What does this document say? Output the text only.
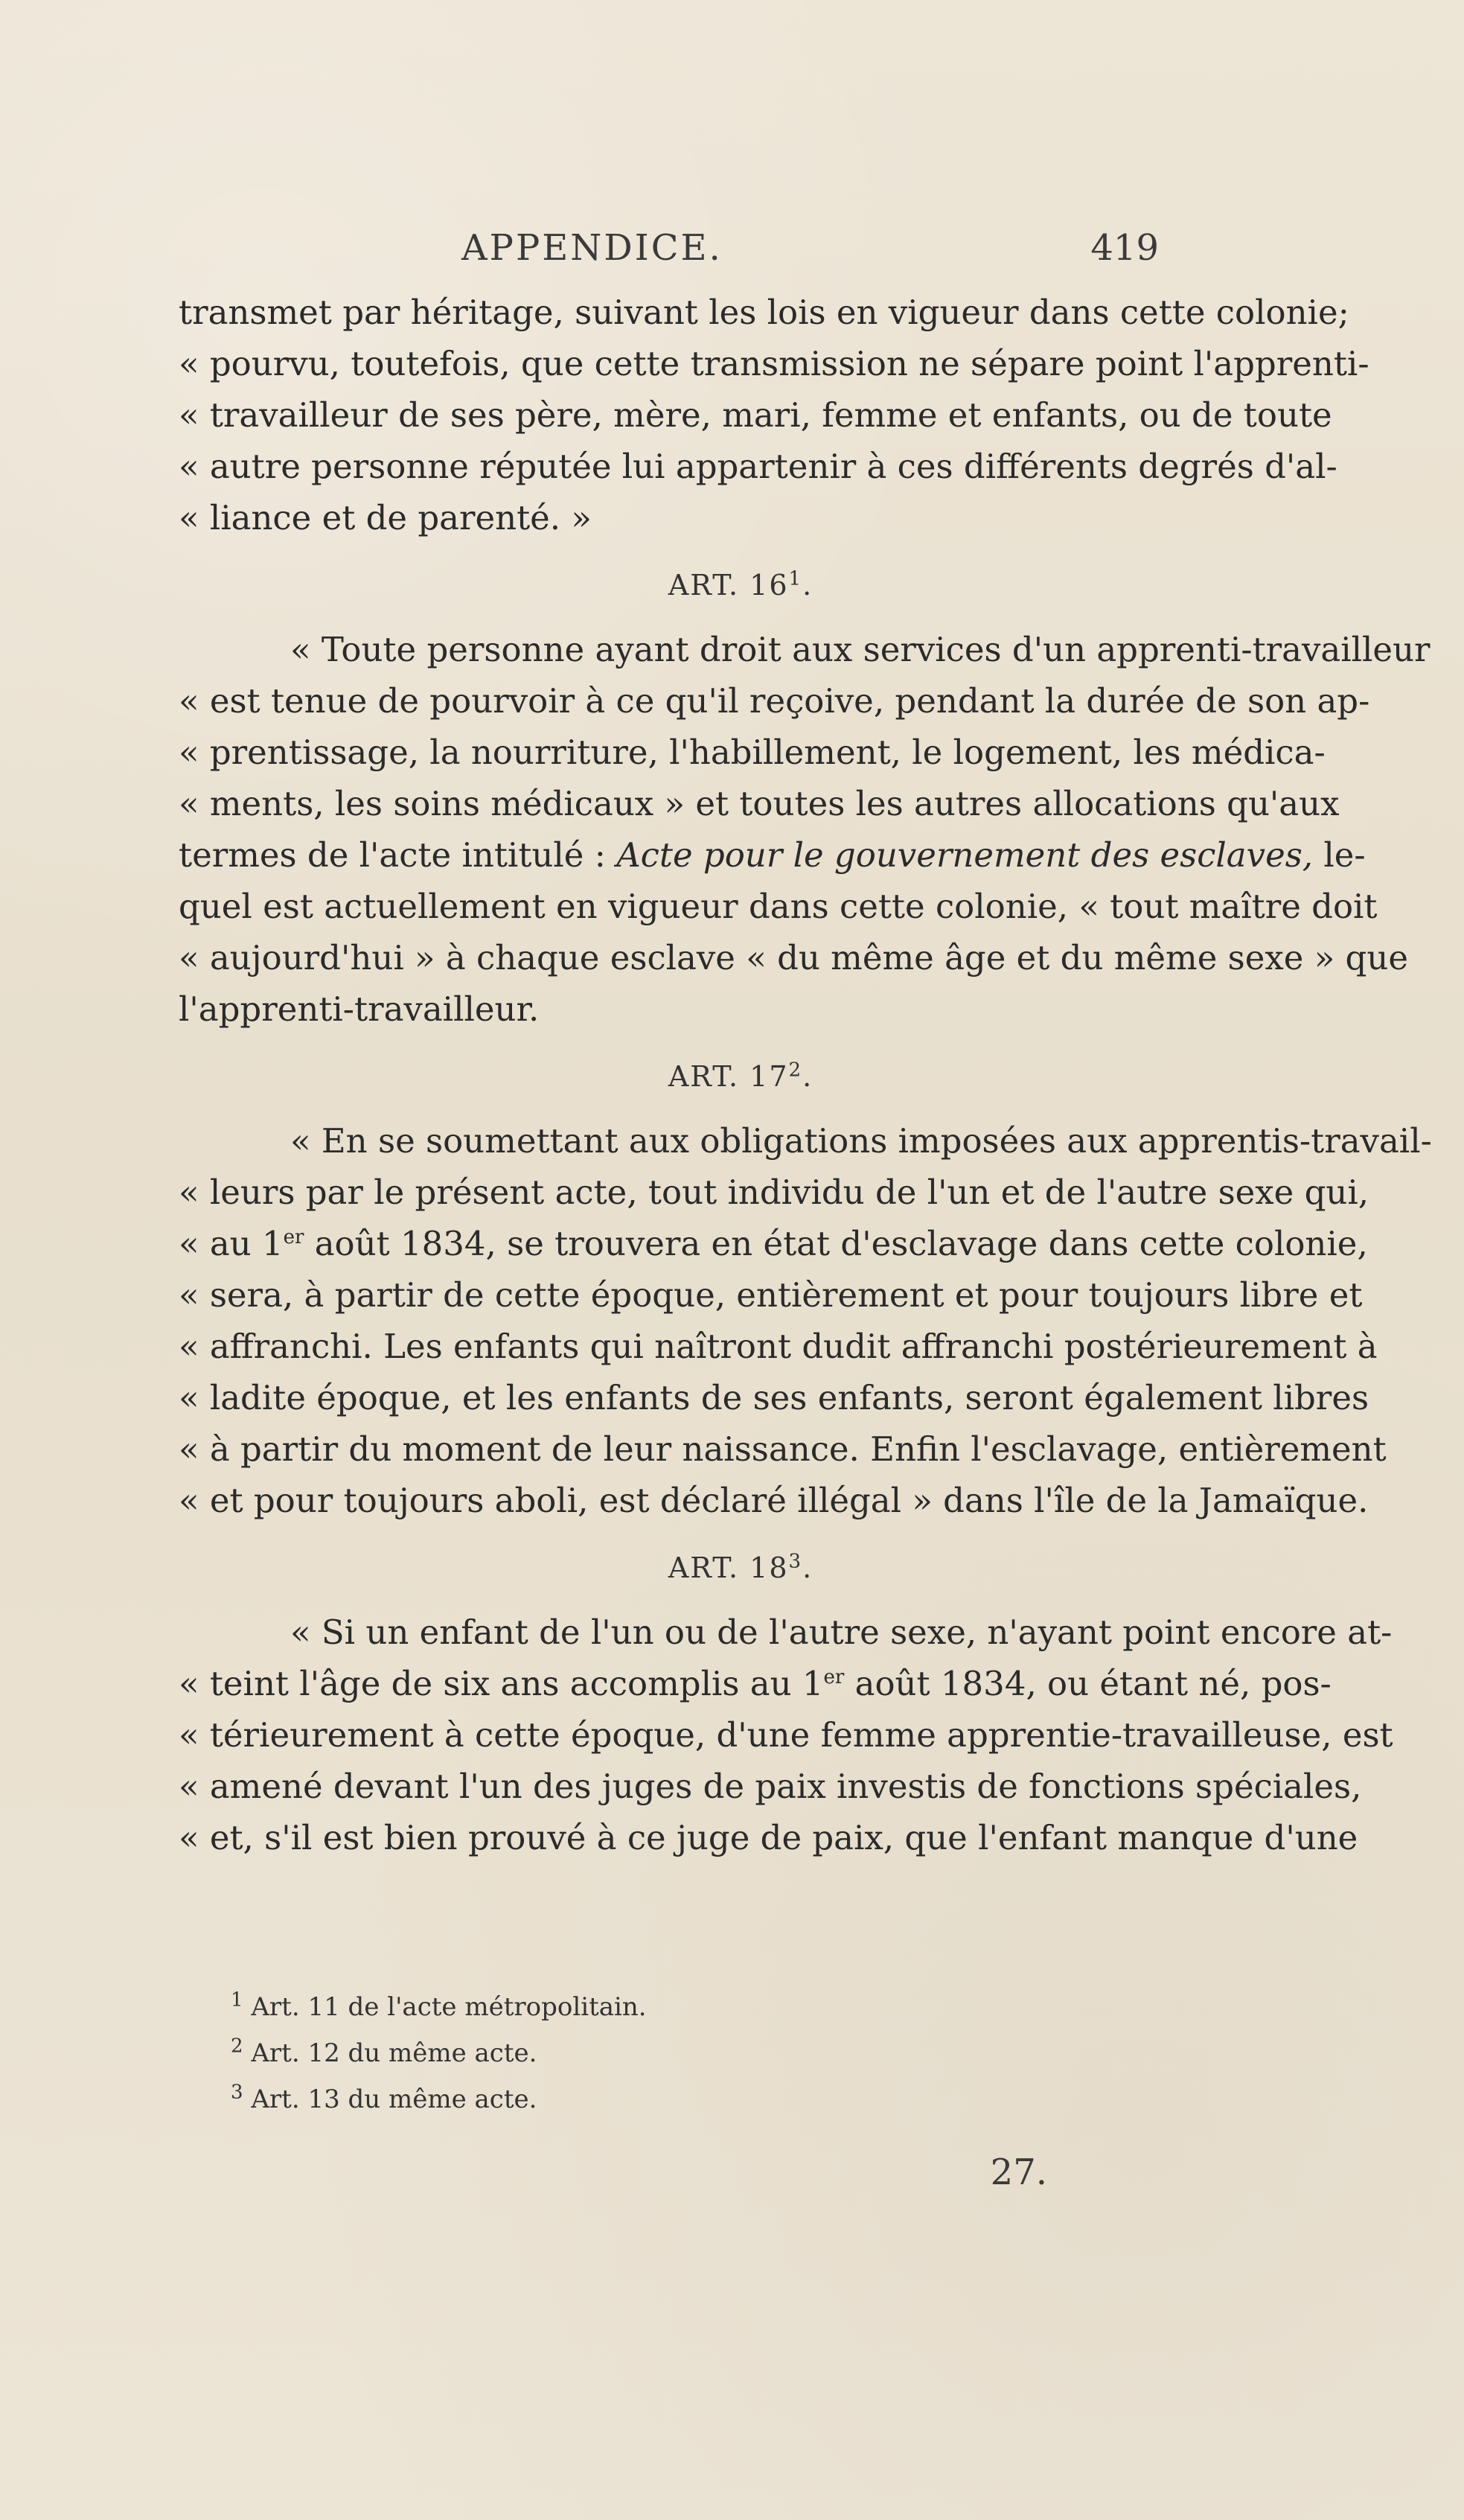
APPENDICE.	419

transmet par héritage, suivant les lois en vigueur dans cette colonie;
« pourvu, toutefois, que cette transmission ne sépare point l'apprenti-
« travailleur de ses père, mère, mari, femme et enfants, ou de toute
« autre personne réputée lui appartenir à ces différents degrés d'al-
« liance et de parenté. »

ART. $16^1$.

« Toute personne ayant droit aux services d'un apprenti-travailleur
« est tenue de pourvoir à ce qu'il reçoive, pendant la durée de son ap-
« prentissage, la nourriture, l'habillement, le logement, les médica-
« ments, les soins médicaux » et toutes les autres allocations qu'aux
termes de l'acte intitulé : Acte pour le gouvernement des esclaves, le-
quel est actuellement en vigueur dans cette colonie, « tout maître doit
« aujourd'hui » à chaque esclave « du même âge et du même sexe » que
l'apprenti-travailleur.

ART. $17^2$.

« En se soumettant aux obligations imposées aux apprentis-travail-
« leurs par le présent acte, tout individu de l'un et de l'autre sexe qui,
« au 1er août 1834, se trouvera en état d'esclavage dans cette colonie,
« sera, à partir de cette époque, entièrement et pour toujours libre et
« affranchi. Les enfants qui naîtront dudit affranchi postérieurement à
« ladite époque, et les enfants de ses enfants, seront également libres
« à partir du moment de leur naissance. Enfin l'esclavage, entièrement
« et pour toujours aboli, est déclaré illégal » dans l'île de la Jamaïque.

ART. $18^3$.

« Si un enfant de l'un ou de l'autre sexe, n'ayant point encore at-
« teint l'âge de six ans accomplis au 1er août 1834, ou étant né, pos-
« térieurement à cette époque, d'une femme apprentie-travailleuse, est
« amené devant l'un des juges de paix investis de fonctions spéciales,
« et, s'il est bien prouvé à ce juge de paix, que l'enfant manque d'une

$^1$ Art. 11 de l'acte métropolitain.

$^2$ Art. 12 du même acte.

$^3$ Art. 13 du même acte.

27.
